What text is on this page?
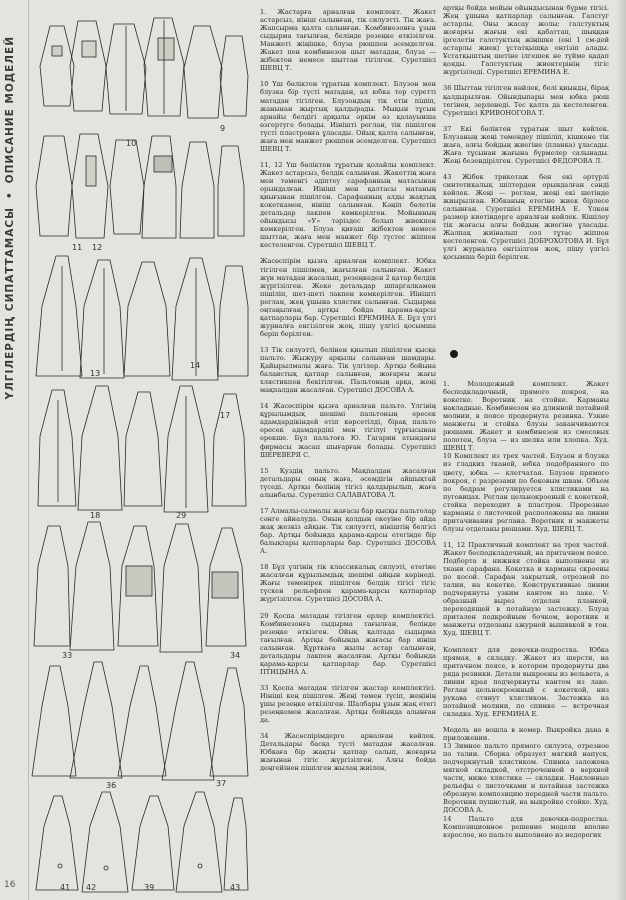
ҮЛГІЛЕРДІҢ СИПАТТАМАСЫ•ОПИСАНИЕ МОДЕЛЕЙ
16
10
9
11 12
13
14
17
18	29
33	34
36	37
39
41 42	43
1. Жастарға арналған комплект. Жакет астарсыз, иініш салынған, тік силуэтті. Тік жаға. Жапсырма қалта салынған. Комбинезонға ұзын сыдырма тағылған, белінде резеңке өткізілген. Манжеті жіңішке, блуза рюшпен әсемделген. Жакет пен комбинезон шыт матадан, блуза — жібектен немесе шыттан тігілген. Суретшісі ШЕВЦ Т.

10 Үш бөліктен тұратын комплект. Блузон мен блузка бір түсті матадан, ал юбка тор суретті матадан тігілген. Блузондың тік етін пішіп, жанынан жыртық қалдырады. Мықын тұсын арнайы белдігі арқылы әркім өз қалауынша өзгертуге болады. Иінішті реглан, тік пішілген түсті пластронға ұласады. Ойық қалта салынған, жаға мен манжет рюшпен әсемделген. Суретшісі ШЕВЦ Т.

11, 12 Үш бөліктен тұратын қолайлы комплект. Жакет астарсыз, белдік салынған. Жакеттің жаға мен төменгі әдіптеу сарафанның матасынан орындалған. Иініші мен қалтасы матаның қиығынан пішілген. Сарафанның алды жақтық кокеткамен, иініш салынған. Кәңіп бөлетін детальдар лакпен көмкерілген. Мойынның ойындысы «У» тәріздес болып жиекпен көмкерілген. Блуза қиғаш жібектен немесе шыттан, жаға мен манжет бір түстес жіппен кестеленген. Суретшісі ШЕВЦ Т.

Жасөспірім қызға арналған комплект. Юбка тігілген пішілмен, жағылған салынған. Жакет жүн матадан жасалып, резеңкеден 2 қатар белдік жүргізілген. Жеке детальдар шпаргалкамен пішіліп, шет-шеті лакпен көмкерілген. Иінішті реглан, жең ұшына хлястик салынған. Сыдырма оңтаңылған, артқы бойда қарама-қарсы қатпарлары бар. Суретшісі ЕРЕМИНА Е. Бұл үлгі журналға енгізілген жоқ, пішу үлгісі қосымша беріп берілген.

13 Тік силуэтті, белінен қиылып пішілген қысқа пальто. Жыжуру арқылы салынған шамдары. Қайырылмалы жаға. Тік үлгілер. Артқы бойына баланстық қатпар салынған, жоғарғы жағы хлястикпен бекітілген. Пальтоның арқа, жеңі мақпалдан жасалған. Суретшісі ДОСОВА А.

14 Жасөспірім қызға арналған пальто. Үлгінің құрылымдық шешімі пальтоның ересек адамдардікіндей етіп көрсетілді, бірақ пальто ересек адамдардікі мен тігілуі тұрғысынан ерекше. Бұл пальтоға Ю. Гагарин атындағы фирмасы жасап шығарған болады. Суретшісі ШЕРЕВЕРЯ С.

15 Қуздің пальто. Мақпалдан жасалған детальдары оның жаға, әсемдігін айшықтай түседі. Артқы бөлінің тігісі қалдырылып, жаға алынбалы. Суретшісі САЛАВАТОВА Л.

17 Алмалы-салмалы жағасы бар қысқы пальтолар сәнге айналуда. Оның қолдың екеуіне бір айда жақ жезкіз айқын. Тік силуэтті, иініштің белгісі бар. Артқы бойында қарама-қарсы етегінде бір балықтары қатпарлары бар. Суретшісі ДОСОВА А.

18 Бұл үлгінің тік классикалық силуэті, етегіне жасалған құрылымдық шешімі айқын көрінеді. Жағы төменірек пішілген белдік тігісі тігіс түскен рельефпен қарама-қарсы қатпарлар жүргізілген. Суретшісі ДОСОВА А.

29 Қоспа матадан тігілген ерлер комплектісі. Комбинезонға сыдырма тағылған, белінде резеңке өткізген. Ойық қалтада сыдырма тағылған. Артқы бойында жағасы бар иініш салынған. Құрткаға жылы астар салынған, детальдары лакпен жасалған. Артқы бойында қарама-қарсы қатпарлар бар. Суретшісі ПТИЦЫНА А.

33 Қоспа матадан тігілген жастар комплектісі. Иініші кең пішілген. Жеңі төмен түсіп, жеңінің ұшы резеңке өткізілген. Шалбары ұзын жақ етегі резеңкемен жасалған. Артқы бойында алынған да.

34 Жасөспірімдерге арналған көйлек. Детальдары басқа түсті матадан жасалған. Юбкаға бір жақты қатпар салып, жоғарғы жағынан тігіс жүргізілген. Алғы бойда деңгейінен пішілген жылаң жиілен,
артқы бойда мойын ойындысынан бүрме тігісі. Жең ұшына қатпарлар салынған. Галстуг астарлы. Оны жасау жолы: галстуктың жоғарғы жағын екі қабаттап, шыққан іргелетін галстуктың жіңішке (ені 1 см-дей астарлы жиек) ұстатқышқа енгізіп алады. Ұстатқыштың шетіне ілгешек не түйме қадап қояды. Галстуктың жиектерінің тігіс жүргізіледі. Суретшісі ЕРЕМИНА Е.

36 Шыттан тігілген көйлек, белі қиынды, бірақ қалдырылған. Ойындыпары мен юбка рюш тегінен, зерленеді. Тес қалта да кестеленген. Суретшісі КРИВОНОГОВА Т.

37 Екі бөліктен тұратын шыт көйлек. Блузаның жеңі төмендеу пішіліп, кішкене тік жаға, алғы бойдың жиегіне (планка) ұласады. Жаға тұсынан жағына бүрмелер салынады. Жеңі безендірілген. Суретшісі ФЕДОРОВА Л.

43 Жібек трикотаж бен екі әртүрлі синтетикалық шілтерден орындалған сәнді көйлек. Жеңі — реглан, жеңі екі шетінде жиырылған. Юбканың етегіне жиек бірлесе салынған. Суретшісі ЕРЕМИНА Е. Үлкен размер киетіндерге арналған көйлек. Кішілеу тік жағасы алғы бойдың жиегіне ұласады. Жалпақ жиіналып сол тұтас жіппен кестеленген. Суретшісі ДОБРОХОТОВА И. Бұл үлгі журналға енгізілген жоқ, пішу үлгісі қосымша беріп берілген.
1. Молодежный комплект. Жакет бесподкладочный, прямого покроя, на кокетке. Воротник на стойке. Карманы накладные. Комбинезон на длинной потайной молнии, в поясе продернута резинка. Узкие манжеты и стойка блузы заканчиваются рюшами. Жакет и комбинезон из смесовых полотен, блуза — из шелка или хлопка. Худ. ШЕВЦ Т.
10 Комплект из трех частей. Блузон и блузка из гладких тканей, юбка подобранного по цвету, юбка — клетчатая. Блузон прямого покроя, с разрезами по боковым швам. Объем по бедрам регулируется хлястиками на пуговицах. Реглан цельнокроеный с кокеткой, стойка переходит в пластрон. Прорезные карманы с листочкой расположены на линии притачивания реглана. Воротник и манжеты блузы отделаны рюшами. Худ. ШЕВЦ Т.

11, 12 Практичный комплект на трех частей. Жакет бесподкладочный, на притачном поясе. Подборта и нижняя стойка выполнены из ткани сарафана. Кокетка и карманы скроены по косой. Сарафан закрытый, отрезной по талии, на кокетке. Конструктивные линии подчеркнуты узким кантом из лаке. V-образный вырез отделан планкой, переходящей в потайную застежку. Блуза притален подкройным бочком, воротник и манжеты отделаны ажурной вышивкой в тон. Худ. ШЕВЦ Т.

Комплект для девочки-подростка. Юбка прямая, в складку. Жакет из шерсти, на притачном поясе, в котором продернуты два ряда резинки. Детали выкроены из вельвета, а линии края подчеркнуты кантом из лаке. Реглан цельнокроенный с кокеткой, низ рукава стянут хлястиком. Застежка на потайной молнии, по спинке — встречная складка. Худ. ЕРЕМИНА Е.

Модель не вошла в номер. Выкройка дана в приложении.
13 Зимнее пальто прямого силуэта, отрезное по талии. Сборка образует мягкий напуск, подчеркнутый хлястиком. Спинка заложена мягкой складкой, отстроченной в верхней части, ниже хлястика — складки. Наклонные рельефы с листочками и потайная застежка обрезную композицию передней части пальто. Воротник пушистый, на выкройке стойке. Худ. ДОСОВА А.
14 Пальто для девочки-подростка. Композиционное решение модели вполне взрослое, но пальто выполнено из недорогих
